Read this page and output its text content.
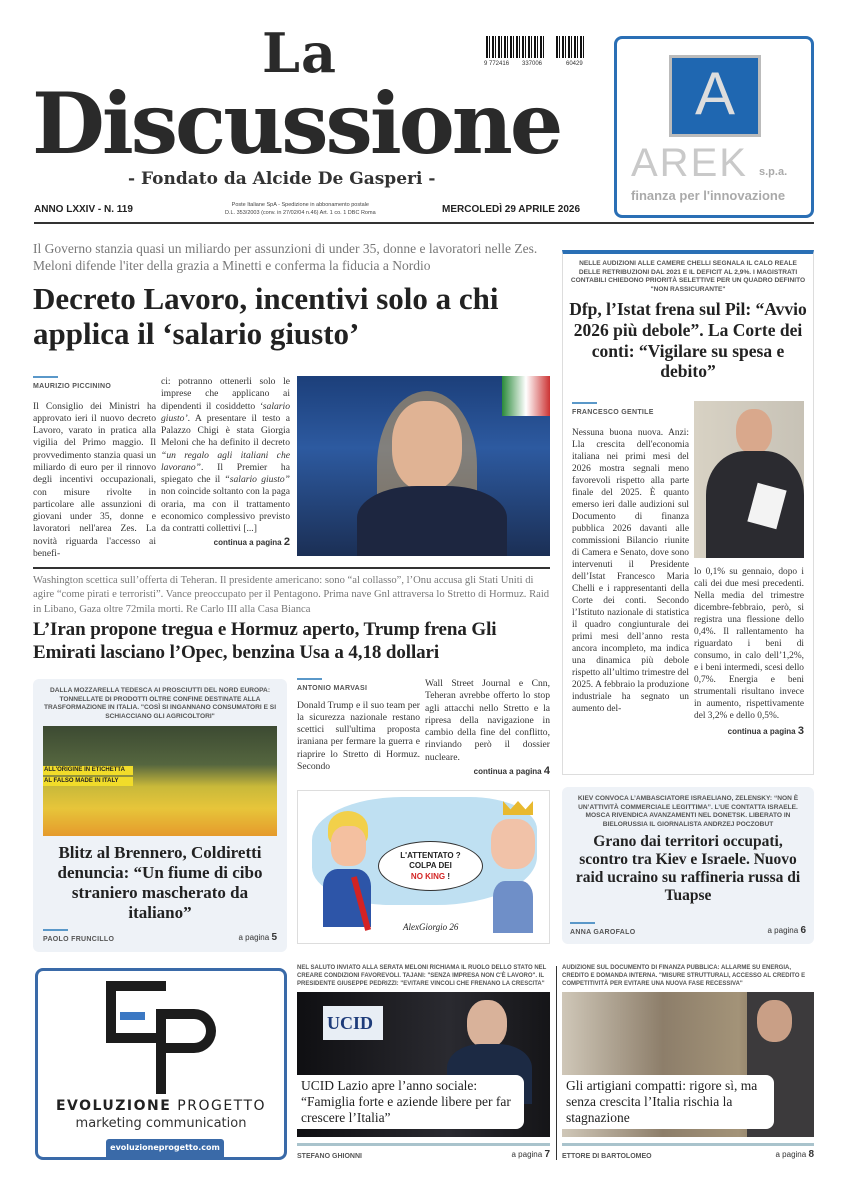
La
Discussione
- Fondato da Alcide De Gasperi -
9 772416 337006	60429
ANNO LXXIV - N. 119	Poste Italiane SpA - Spedizione in abbonamento postale
D.L. 353/2003 (conv. in 27/02/04 n.46) Art. 1 co. 1 DBC Roma	MERCOLEDÌ 29 APRILE 2026
A
AREK s.p.a.
finanza per l'innovazione
Il Governo stanzia quasi un miliardo per assunzioni di under 35, donne e lavoratori nelle Zes. Meloni difende l'iter della grazia a Minetti e conferma la fiducia a Nordio
Decreto Lavoro, incentivi solo a chi applica il ‘salario giusto’
MAURIZIO PICCININO
Il Consiglio dei Ministri ha approvato ieri il nuovo decreto Lavoro, varato in pratica alla vigilia del Primo maggio. Il provvedimento stanzia quasi un miliardo di euro per il rinnovo degli incentivi occupazionali, con misure rivolte in particolare alle assunzioni di giovani under 35, donne e lavoratori nell'area Zes. La novità riguarda l'accesso ai benefi-
ci: potranno ottenerli solo le imprese che applicano ai dipendenti il cosiddetto ‘salario giusto’. A presentare il testo a Palazzo Chigi è stata Giorgia Meloni che ha definito il decreto “un regalo agli italiani che lavorano”. Il Premier ha spiegato che il “salario giusto” non coincide soltanto con la paga oraria, ma con il trattamento economico complessivo previsto da contratti collettivi [...]
continua a pagina 2
NELLE AUDIZIONI ALLE CAMERE CHELLI SEGNALA IL CALO REALE DELLE RETRIBUZIONI DAL 2021 E IL DEFICIT AL 2,9%. I MAGISTRATI CONTABILI CHIEDONO PRIORITÀ SELETTIVE PER UN QUADRO DEFINITO "NON RASSICURANTE"
Dfp, l’Istat frena sul Pil: “Avvio 2026 più debole”. La Corte dei conti: “Vigilare su spesa e debito”
FRANCESCO GENTILE
Nessuna buona nuova. Anzi: Lla crescita dell'economia italiana nei primi mesi del 2026 mostra segnali meno favorevoli rispetto alla parte finale del 2025. È quanto emerso ieri dalle audizioni sul Documento di finanza pubblica 2026 davanti alle commissioni Bilancio riunite di Camera e Senato, dove sono intervenuti il Presidente dell’Istat Francesco Maria Chelli e i rappresentanti della Corte dei conti. Secondo l’Istituto nazionale di statistica il quadro congiunturale dei primi mesi dell’anno resta ancora incompleto, ma indica una dinamica più debole rispetto all’ultimo trimestre del 2025. A febbraio la produzione industriale ha segnato un aumento del-
lo 0,1% su gennaio, dopo i cali dei due mesi precedenti. Nella media del trimestre dicembre-febbraio, però, si registra una flessione dello 0,4%. Il rallentamento ha riguardato i beni di consumo, in calo dell’1,2%, e i beni intermedi, scesi dello 0,7%. Energia e beni strumentali risultano invece in aumento, rispettivamente del 3,2% e dello 0,5%.
continua a pagina 3
Washington scettica sull’offerta di Teheran. Il presidente americano: sono “al collasso”, l’Onu accusa gli Stati Uniti di agire “come pirati e terroristi”. Vance preoccupato per il Pentagono. Prima nave Gnl attraversa lo Stretto di Hormuz. Raid in Libano, Gaza oltre 72mila morti. Re Carlo III alla Casa Bianca
L’Iran propone tregua e Hormuz aperto, Trump frena Gli Emirati lasciano l’Opec, benzina Usa a 4,18 dollari
ANTONIO MARVASI
Donald Trump e il suo team per la sicurezza nazionale restano scettici sull'ultima proposta iraniana per fermare la guerra e riaprire lo Stretto di Hormuz. Secondo
Wall Street Journal e Cnn, Teheran avrebbe offerto lo stop agli attacchi nello Stretto e la ripresa della navigazione in cambio della fine del conflitto, rinviando però il dossier nucleare.
continua a pagina 4
DALLA MOZZARELLA TEDESCA AI PROSCIUTTI DEL NORD EUROPA: TONNELLATE DI PRODOTTI OLTRE CONFINE DESTINATE ALLA TRASFORMAZIONE IN ITALIA. "COSÌ SI INGANNANO CONSUMATORI E SI SCHIACCIANO GLI AGRICOLTORI"
ALL'ORIGINE IN ETICHETTA
AL FALSO MADE IN ITALY
Blitz al Brennero, Coldiretti denuncia: “Un fiume di cibo straniero mascherato da italiano”
PAOLO FRUNCILLO	a pagina 5
L'ATTENTATO ?
COLPA DEI
NO KING !
AlexGiorgio 26
KIEV CONVOCA L’AMBASCIATORE ISRAELIANO, ZELENSKY: “NON È UN’ATTIVITÀ COMMERCIALE LEGITTIMA”. L’UE CONTATTA ISRAELE. MOSCA RIVENDICA AVANZAMENTI NEL DONETSK. LIBERATO IN BIELORUSSIA IL GIORNALISTA ANDRZEJ POCZOBUT
Grano dai territori occupati, scontro tra Kiev e Israele. Nuovo raid ucraino su raffineria russa di Tuapse
ANNA GAROFALO	a pagina 6
EVOLUZIONE PROGETTO
marketing communication
evoluzioneprogetto.com
NEL SALUTO INVIATO ALLA SERATA MELONI RICHIAMA IL RUOLO DELLO STATO NEL CREARE CONDIZIONI FAVOREVOLI. TAJANI: "SENZA IMPRESA NON C'È LAVORO". IL PRESIDENTE GIUSEPPE PEDRIZZI: "EVITARE VINCOLI CHE FRENANO LA CRESCITA"
UCID
UCID Lazio apre l’anno sociale: “Famiglia forte e aziende libere per far crescere l’Italia”
STEFANO GHIONNI	a pagina 7
AUDIZIONE SUL DOCUMENTO DI FINANZA PUBBLICA: ALLARME SU ENERGIA, CREDITO E DOMANDA INTERNA. "MISURE STRUTTURALI, ACCESSO AL CREDITO E COMPETITIVITÀ PER EVITARE UNA NUOVA FASE RECESSIVA"
Gli artigiani compatti: rigore sì, ma senza crescita l’Italia rischia la stagnazione
ETTORE DI BARTOLOMEO	a pagina 8
